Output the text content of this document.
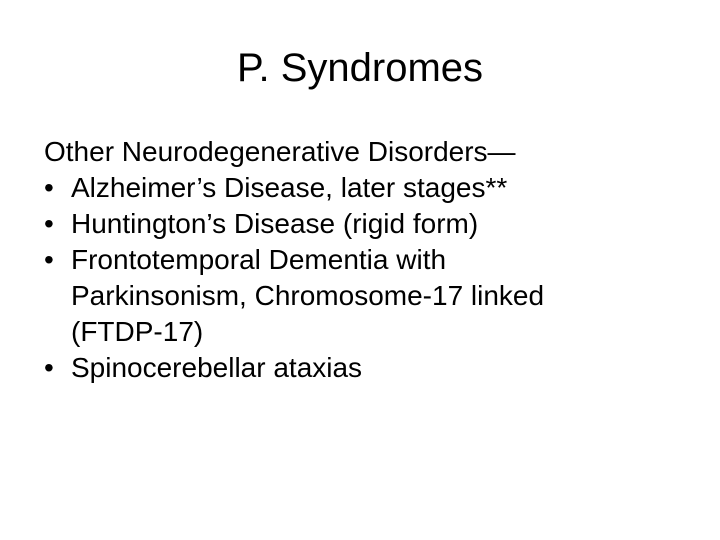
P. Syndromes

Other Neurodegenerative Disorders—

• Alzheimer’s Disease, later stages**
• Huntington’s Disease (rigid form)
• Frontotemporal Dementia with
Parkinsonism, Chromosome-17 linked
(FTDP-17)
• Spinocerebellar ataxias
